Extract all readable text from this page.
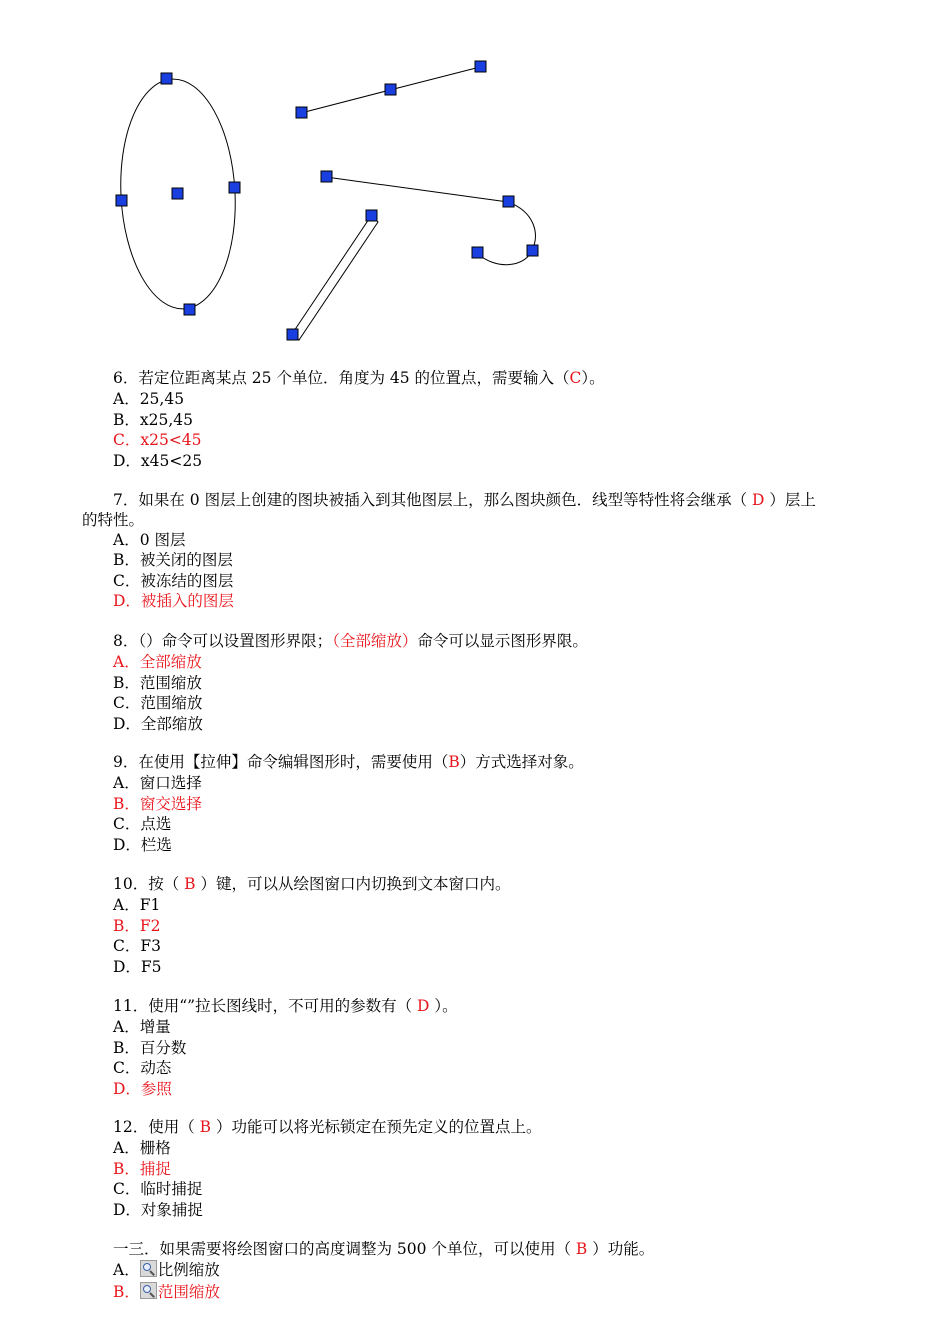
6．若定位距离某点 25 个单位．角度为 45 的位置点，需要输入（C）。
A．25,45
B．x25,45
C．x25<45
D．x45<25
7．如果在 0 图层上创建的图块被插入到其他图层上，那么图块颜色．线型等特性将会继承（ D ）层上
的特性。
A．0 图层
B．被关闭的图层
C．被冻结的图层
D．被插入的图层
8．（）命令可以设置图形界限；（全部缩放）命令可以显示图形界限。
A．全部缩放
B．范围缩放
C．范围缩放
D．全部缩放
9．在使用【拉伸】命令编辑图形时，需要使用（B）方式选择对象。
A．窗口选择
B．窗交选择
C．点选
D．栏选
10．按（ B ）键，可以从绘图窗口内切换到文本窗口内。
A．F1
B．F2
C．F3
D．F5
11．使用“”拉长图线时，不可用的参数有（ D ）。
A．增量
B．百分数
C．动态
D．参照
12．使用（ B ）功能可以将光标锁定在预先定义的位置点上。
A．栅格
B．捕捉
C．临时捕捉
D．对象捕捉
一三．如果需要将绘图窗口的高度调整为 500 个单位，可以使用（ B ）功能。
A． 比例缩放
B． 范围缩放
